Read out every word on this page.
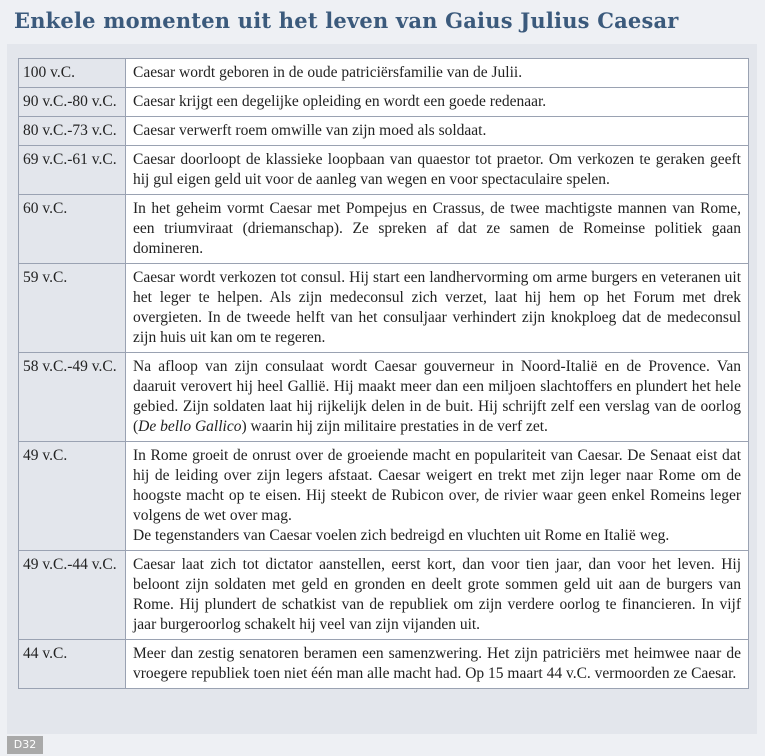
Enkele momenten uit het leven van Gaius Julius Caesar
100 v.C.	Caesar wordt geboren in de oude patriciërsfamilie van de Julii.
90 v.C.-80 v.C.	Caesar krijgt een degelijke opleiding en wordt een goede redenaar.
80 v.C.-73 v.C.	Caesar verwerft roem omwille van zijn moed als soldaat.
69 v.C.-61 v.C.	Caesar doorloopt de klassieke loopbaan van quaestor tot praetor. Om verkozen te geraken geeft hij gul eigen geld uit voor de aanleg van wegen en voor spectaculaire spelen.
60 v.C.	In het geheim vormt Caesar met Pompejus en Crassus, de twee machtigste mannen van Rome, een triumviraat (driemanschap). Ze spreken af dat ze samen de Romeinse politiek gaan domineren.
59 v.C.	Caesar wordt verkozen tot consul. Hij start een landhervorming om arme burgers en veteranen uit het leger te helpen. Als zijn medeconsul zich verzet, laat hij hem op het Forum met drek overgieten. In de tweede helft van het consuljaar verhindert zijn knokploeg dat de medeconsul zijn huis uit kan om te regeren.
58 v.C.-49 v.C.	Na afloop van zijn consulaat wordt Caesar gouverneur in Noord-Italië en de Provence. Van daaruit verovert hij heel Gallië. Hij maakt meer dan een miljoen slachtoffers en plundert het hele gebied. Zijn soldaten laat hij rijkelijk delen in de buit. Hij schrijft zelf een verslag van de oorlog (De bello Gallico) waarin hij zijn militaire prestaties in de verf zet.
49 v.C.	In Rome groeit de onrust over de groeiende macht en populariteit van Caesar. De Senaat eist dat hij de leiding over zijn legers afstaat. Caesar weigert en trekt met zijn leger naar Rome om de hoogste macht op te eisen. Hij steekt de Rubicon over, de rivier waar geen enkel Romeins leger volgens de wet over mag.

De tegenstanders van Caesar voelen zich bedreigd en vluchten uit Rome en Italië weg.

49 v.C.-44 v.C.	Caesar laat zich tot dictator aanstellen, eerst kort, dan voor tien jaar, dan voor het leven. Hij beloont zijn soldaten met geld en gronden en deelt grote sommen geld uit aan de burgers van Rome. Hij plundert de schatkist van de republiek om zijn verdere oorlog te financieren. In vijf jaar burgeroorlog schakelt hij veel van zijn vijanden uit.
44 v.C.	Meer dan zestig senatoren beramen een samenzwering. Het zijn patriciërs met heimwee naar de vroegere republiek toen niet één man alle macht had. Op 15 maart 44 v.C. vermoorden ze Caesar.
D32
